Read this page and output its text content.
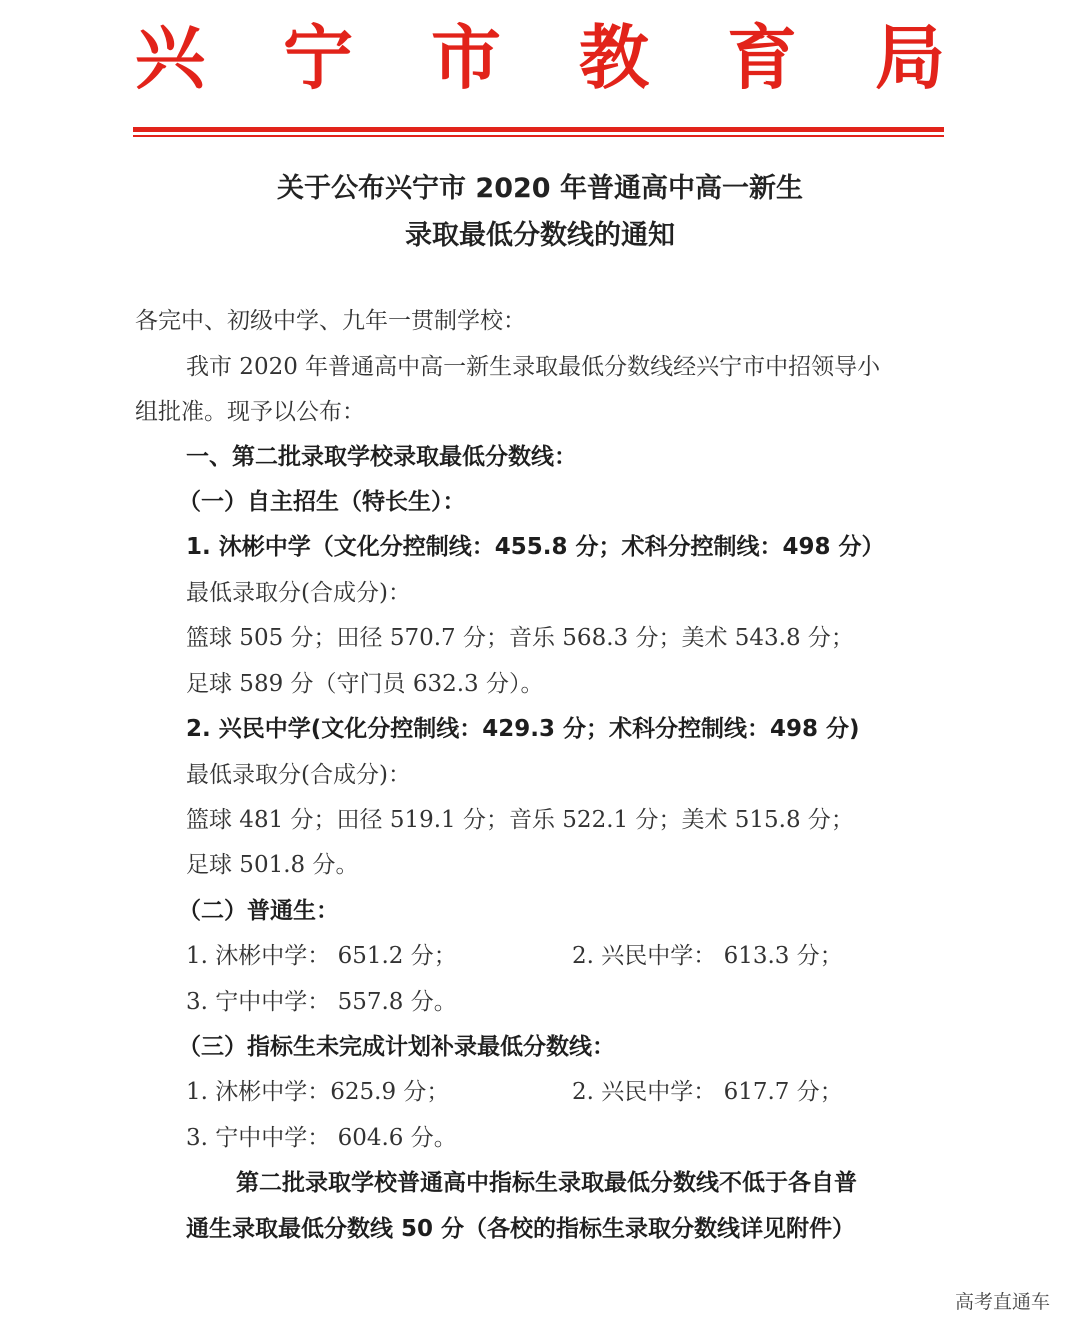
兴 宁 市 教 育 局
关于公布兴宁市 2020 年普通高中高一新生
录取最低分数线的通知
各完中、初级中学、九年一贯制学校：
我市 2020 年普通高中高一新生录取最低分数线经兴宁市中招领导小
组批准。现予以公布：
一、第二批录取学校录取最低分数线：
（一）自主招生（特长生）：
1. 沐彬中学（文化分控制线：455.8 分；术科分控制线：498 分）
最低录取分(合成分)：
篮球 505 分；田径 570.7 分；音乐 568.3 分；美术 543.8 分；
足球 589 分（守门员 632.3 分）。
2. 兴民中学(文化分控制线：429.3 分；术科分控制线：498 分)
最低录取分(合成分)：
篮球 481 分；田径 519.1 分；音乐 522.1 分；美术 515.8 分；
足球 501.8 分。
（二）普通生：
1. 沐彬中学： 651.2 分；	2. 兴民中学： 613.3 分；
3. 宁中中学： 557.8 分。
（三）指标生未完成计划补录最低分数线：
1. 沐彬中学：625.9 分；	2. 兴民中学： 617.7 分；
3. 宁中中学： 604.6 分。
第二批录取学校普通高中指标生录取最低分数线不低于各自普
通生录取最低分数线 50 分（各校的指标生录取分数线详见附件）
高考直通车
